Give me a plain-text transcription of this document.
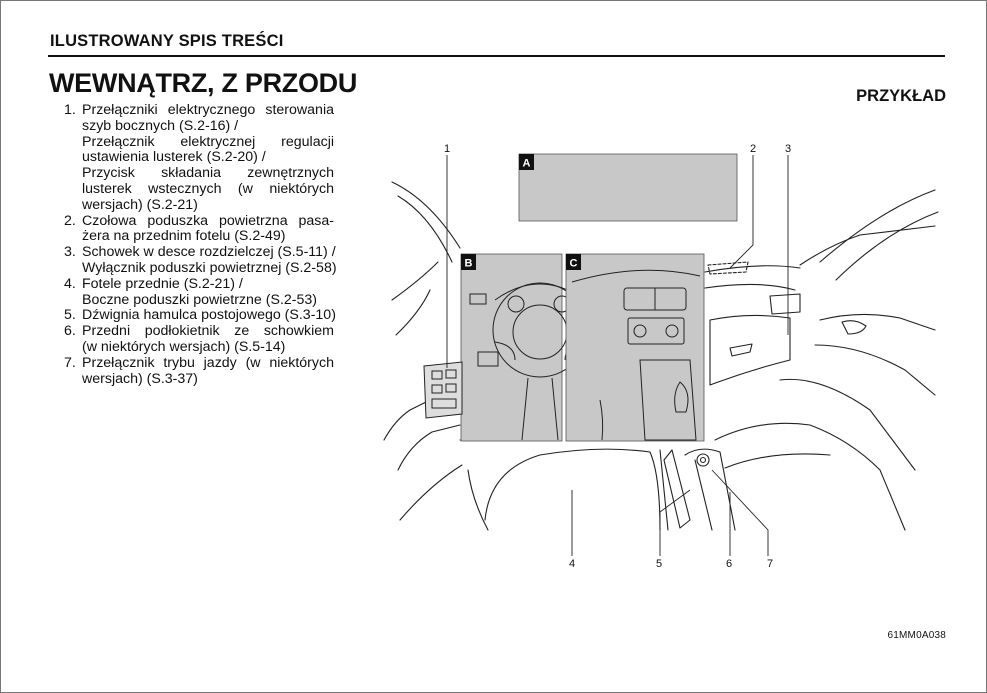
ILUSTROWANY SPIS TREŚCI
WEWNĄTRZ, Z PRZODU	PRZYKŁAD
1. Przełączniki elektrycznego sterowania
szyb bocznych (S.2-16) /
Przełącznik elektrycznej regulacji
ustawienia lusterek (S.2-20) /
Przycisk składania zewnętrznych
lusterek wstecznych (w niektórych
wersjach) (S.2-21)
2. Czołowa poduszka powietrzna pasa-
żera na przednim fotelu (S.2-49)
3. Schowek w desce rozdzielczej (S.5-11) /
Wyłącznik poduszki powietrznej (S.2-58)
4. Fotele przednie (S.2-21) /
Boczne poduszki powietrzne (S.2-53)
5. Dźwignia hamulca postojowego (S.3-10)
6. Przedni podłokietnik ze schowkiem
(w niektórych wersjach) (S.5-14)
7. Przełącznik trybu jazdy (w niektórych
wersjach) (S.3-37)
A
B	C
1	2	3
4	5	6	7
61MM0A038
